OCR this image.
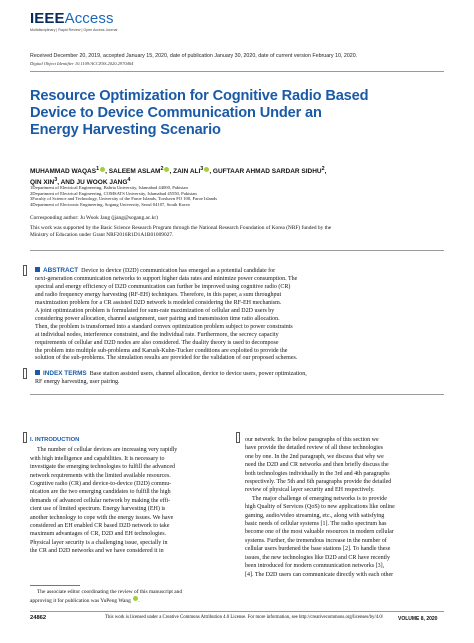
IEEEAccess
Multidisciplinary | Rapid Review | Open Access Journal
Received December 20, 2019, accepted January 15, 2020, date of publication January 30, 2020, date of current version February 10, 2020.
Digital Object Identifier 10.1109/ACCESS.2020.2970464
Resource Optimization for Cognitive Radio Based
Device to Device Communication Under an
Energy Harvesting Scenario
MUHAMMAD WAQAS$^1$ , SALEEM ASLAM$^2$ , ZAIN ALI$^3$ , GUFTAAR AHMAD SARDAR SIDHU$^2$,
QIN XIN$^3$, AND JU WOOK JANG$^4$
1Department of Electrical Engineering, Bahria University, Islamabad 44000, Pakistan
2Department of Electrical Engineering, COMSATS University, Islamabad 45550, Pakistan
3Faculty of Science and Technology, University of the Faroe Islands, Torshavn FO 100, Faroe Islands
4Department of Electronic Engineering, Sogang University, Seoul 04107, South Korea
Corresponding author: Ju Wook Jang (jjang@sogang.ac.kr)
This work was supported by the Basic Science Research Program through the National Research Foundation of Korea (NRF) funded by the
Ministry of Education under Grant NRF2016R1D1A1B01009027.
ABSTRACT Device to device (D2D) communication has emerged as a potential candidate for
next-generation communication networks to support higher data rates and minimize power consumption. The
spectral and energy efficiency of D2D communication can further be improved using cognitive radio (CR)
and radio frequency energy harvesting (RF-EH) techniques. Therefore, in this paper, a sum throughput
maximization problem for a CR assisted D2D network is modeled considering the RF-EH mechanism.
A joint optimization problem is formulated for sum-rate maximization of cellular and D2D users by
considering power allocation, channel assignment, user pairing and transmission time ratio allocation.
Then, the problem is transformed into a standard convex optimization problem subject to power constraints
at individual nodes, interference constraint, and the individual rate. Furthermore, the secrecy capacity
requirements of cellular and D2D nodes are also considered. The duality theory is used to decompose
the problem into multiple sub-problems and Karush-Kuhn-Tucker conditions are exploited to provide the
solution of the sub-problems. The simulation results are provided for the validation of our proposed schemes.
INDEX TERMS Base station assisted users, channel allocation, device to device users, power optimization,
RF energy harvesting, user pairing.
I. INTRODUCTION
The number of cellular devices are increasing very rapidly
with high intelligence and capabilities. It is necessary to
investigate the emerging technologies to fulfill the advanced
network requirements with the limited available resources.
Cognitive radio (CR) and device-to-device (D2D) commu-
nication are the two emerging candidates to fulfill the high
demands of advanced cellular network by making the effi-
cient use of limited spectrum. Energy harvesting (EH) is
another technology to cope with the energy issues. We have
considered an EH enabled CR based D2D network to take
maximum advantages of CR, D2D and EH technologies.
Physical layer security is a challenging issue, specially in
the CR and D2D networks and we have considered it in
our network. In the below paragraphs of this section we
have provide the detailed review of all these technologies
one by one. In the 2nd paragraph, we discuss that why we
need the D2D and CR networks and then briefly discuss the
both technologies individually in the 3rd and 4th paragraphs
respectively. The 5th and 6th paragraphs provide the detailed
review of physical layer security and EH respectively.
The major challenge of emerging networks is to provide
high Quality of Services (QoS) to new applications like online
gaming, audio/video streaming, etc., along with satisfying
basic needs of cellular systems [1]. The radio spectrum has
become one of the most valuable resources in modern cellular
systems. Further, the tremendous increase in the number of
cellular users burdened the base stations [2]. To handle these
issues, the new technologies like D2D and CR have recently
been introduced for modern communication networks [3],
[4]. The D2D users can communicate directly with each other
The associate editor coordinating the review of this manuscript and
approving it for publication was YuPeng Wang .
24862	This work is licensed under a Creative Commons Attribution 4.0 License. For more information, see http://creativecommons.org/licenses/by/4.0/	VOLUME 8, 2020
